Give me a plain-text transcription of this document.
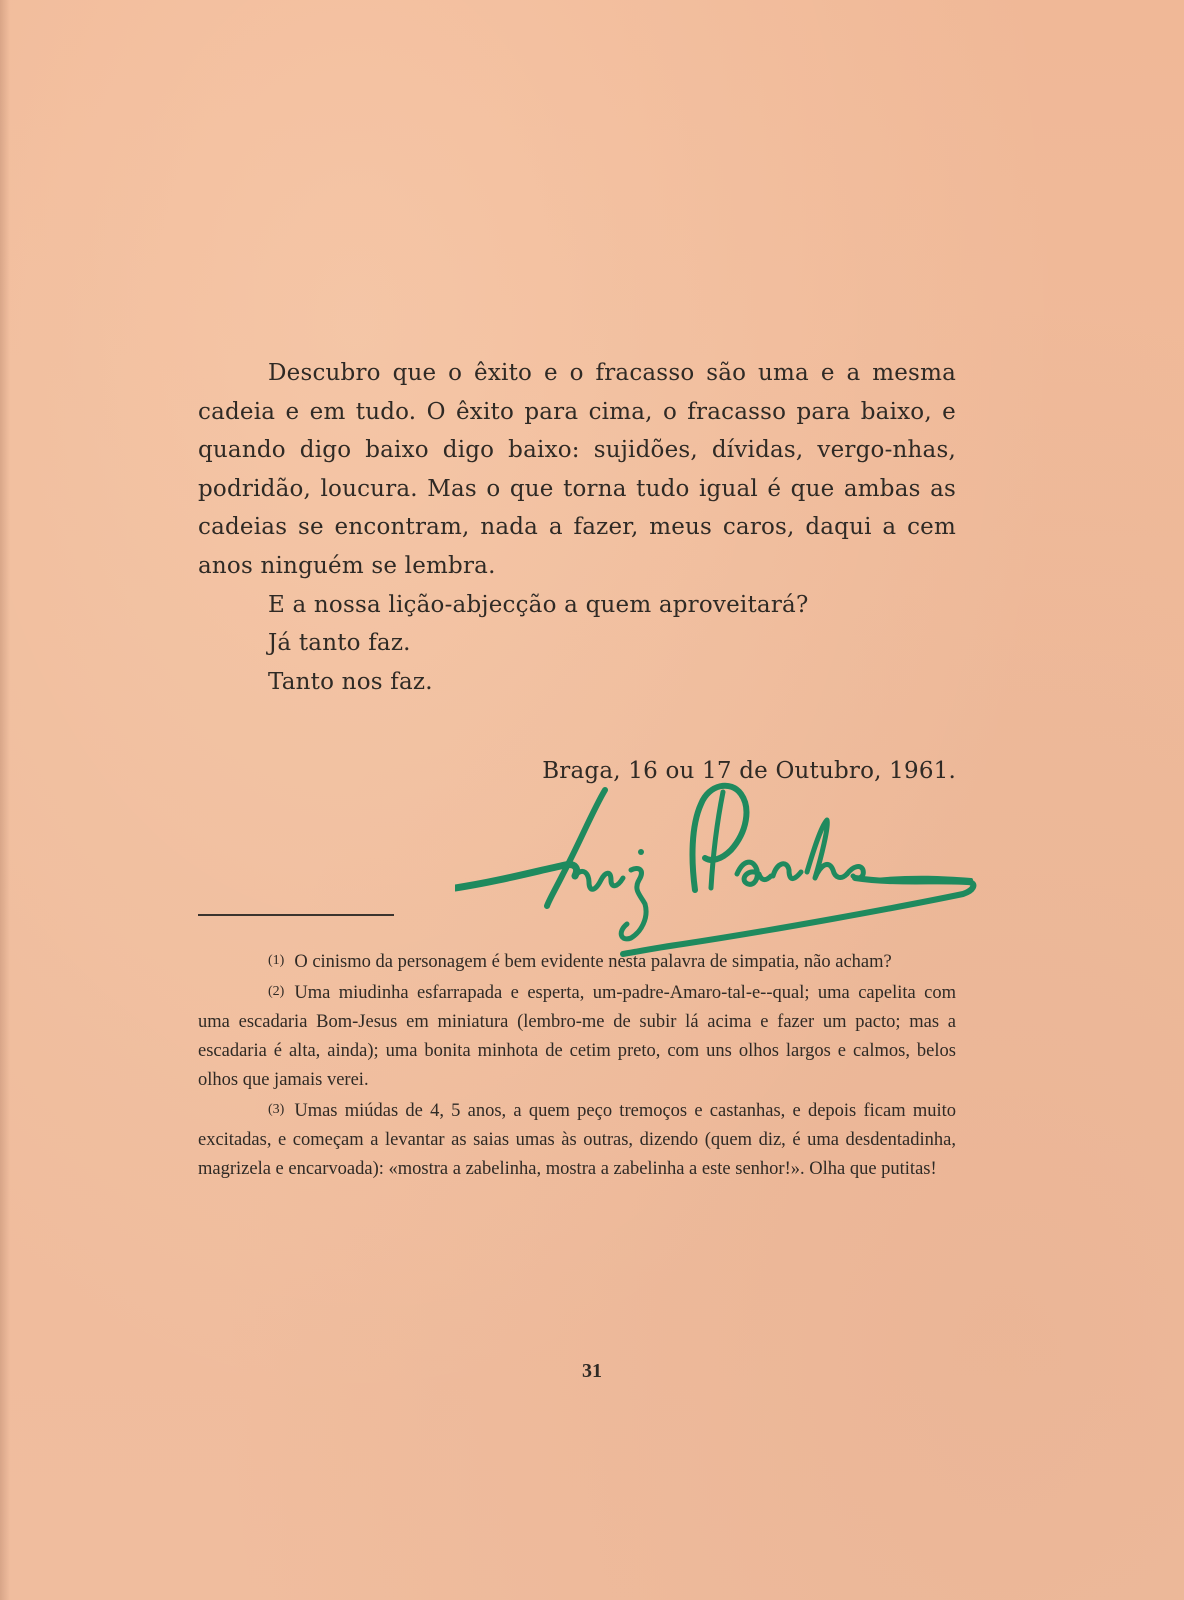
Descubro que o êxito e o fracasso são uma e a mesma cadeia e em tudo. O êxito para cima, o fracasso para baixo, e quando digo baixo digo baixo: sujidões, dívidas, vergo-nhas, podridão, loucura. Mas o que torna tudo igual é que ambas as cadeias se encontram, nada a fazer, meus caros, daqui a cem anos ninguém se lembra.

E a nossa lição-abjecção a quem aproveitará?

Já tanto faz.

Tanto nos faz.

Braga, 16 ou 17 de Outubro, 1961.

(1) O cinismo da personagem é bem evidente nesta palavra de simpatia, não acham?

(2) Uma miudinha esfarrapada e esperta, um-padre-Amaro-tal-e--qual; uma capelita com uma escadaria Bom-Jesus em miniatura (lembro-me de subir lá acima e fazer um pacto; mas a escadaria é alta, ainda); uma bonita minhota de cetim preto, com uns olhos largos e calmos, belos olhos que jamais verei.

(3) Umas miúdas de 4, 5 anos, a quem peço tremoços e castanhas, e depois ficam muito excitadas, e começam a levantar as saias umas às outras, dizendo (quem diz, é uma desdentadinha, magrizela e encarvoada): «mostra a zabelinha, mostra a zabelinha a este senhor!». Olha que putitas!

31
